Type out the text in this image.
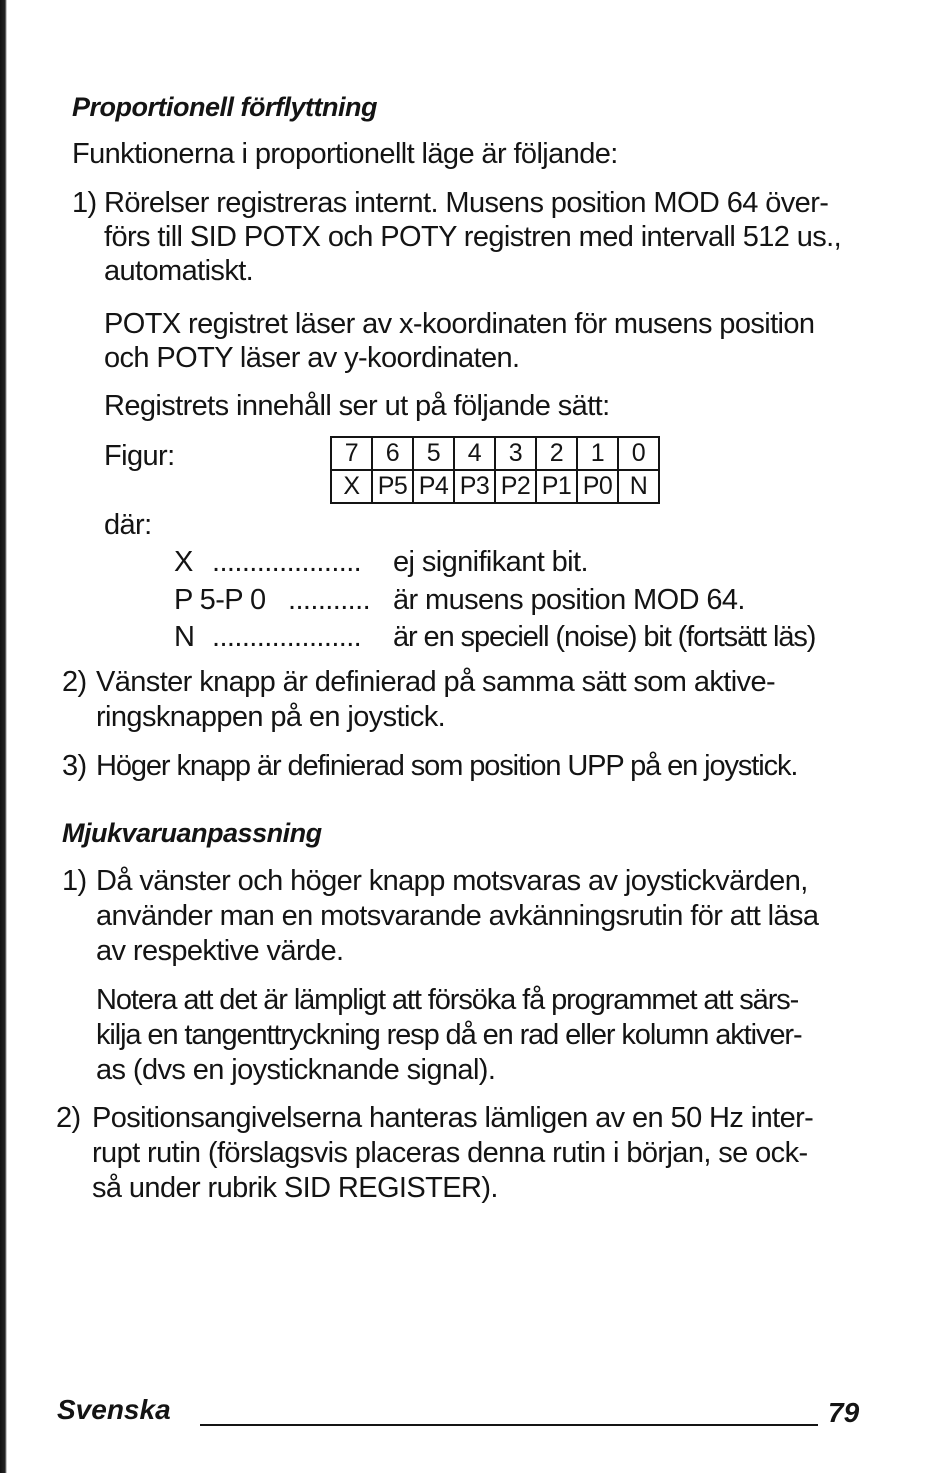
Proportionell förflyttning
Funktionerna i proportionellt läge är följande:
1) Rörelser registreras internt. Musens position MOD 64 över-
förs till SID POTX och POTY registren med intervall 512 us.,
automatiskt.
POTX registret läser av x-koordinaten för musens position
och POTY läser av y-koordinaten.
Registrets innehåll ser ut på följande sätt:
Figur:	7	6	5	4	3	2	1	0
X	P5	P4	P3	P2	P1	P0	N
där:
X .................... ej signifikant bit.
P 5-P 0 ........... är musens position MOD 64.
N .................... är en speciell (noise) bit (fortsätt läs)
2) Vänster knapp är definierad på samma sätt som aktive-
ringsknappen på en joystick.
3) Höger knapp är definierad som position UPP på en joystick.
Mjukvaruanpassning
1) Då vänster och höger knapp motsvaras av joystickvärden,
använder man en motsvarande avkänningsrutin för att läsa
av respektive värde.
Notera att det är lämpligt att försöka få programmet att särs-
kilja en tangenttryckning resp då en rad eller kolumn aktiver-
as (dvs en joysticknande signal).
2) Positionsangivelserna hanteras lämligen av en 50 Hz inter-
rupt rutin (förslagsvis placeras denna rutin i början, se ock-
så under rubrik SID REGISTER).
Svenska	79
